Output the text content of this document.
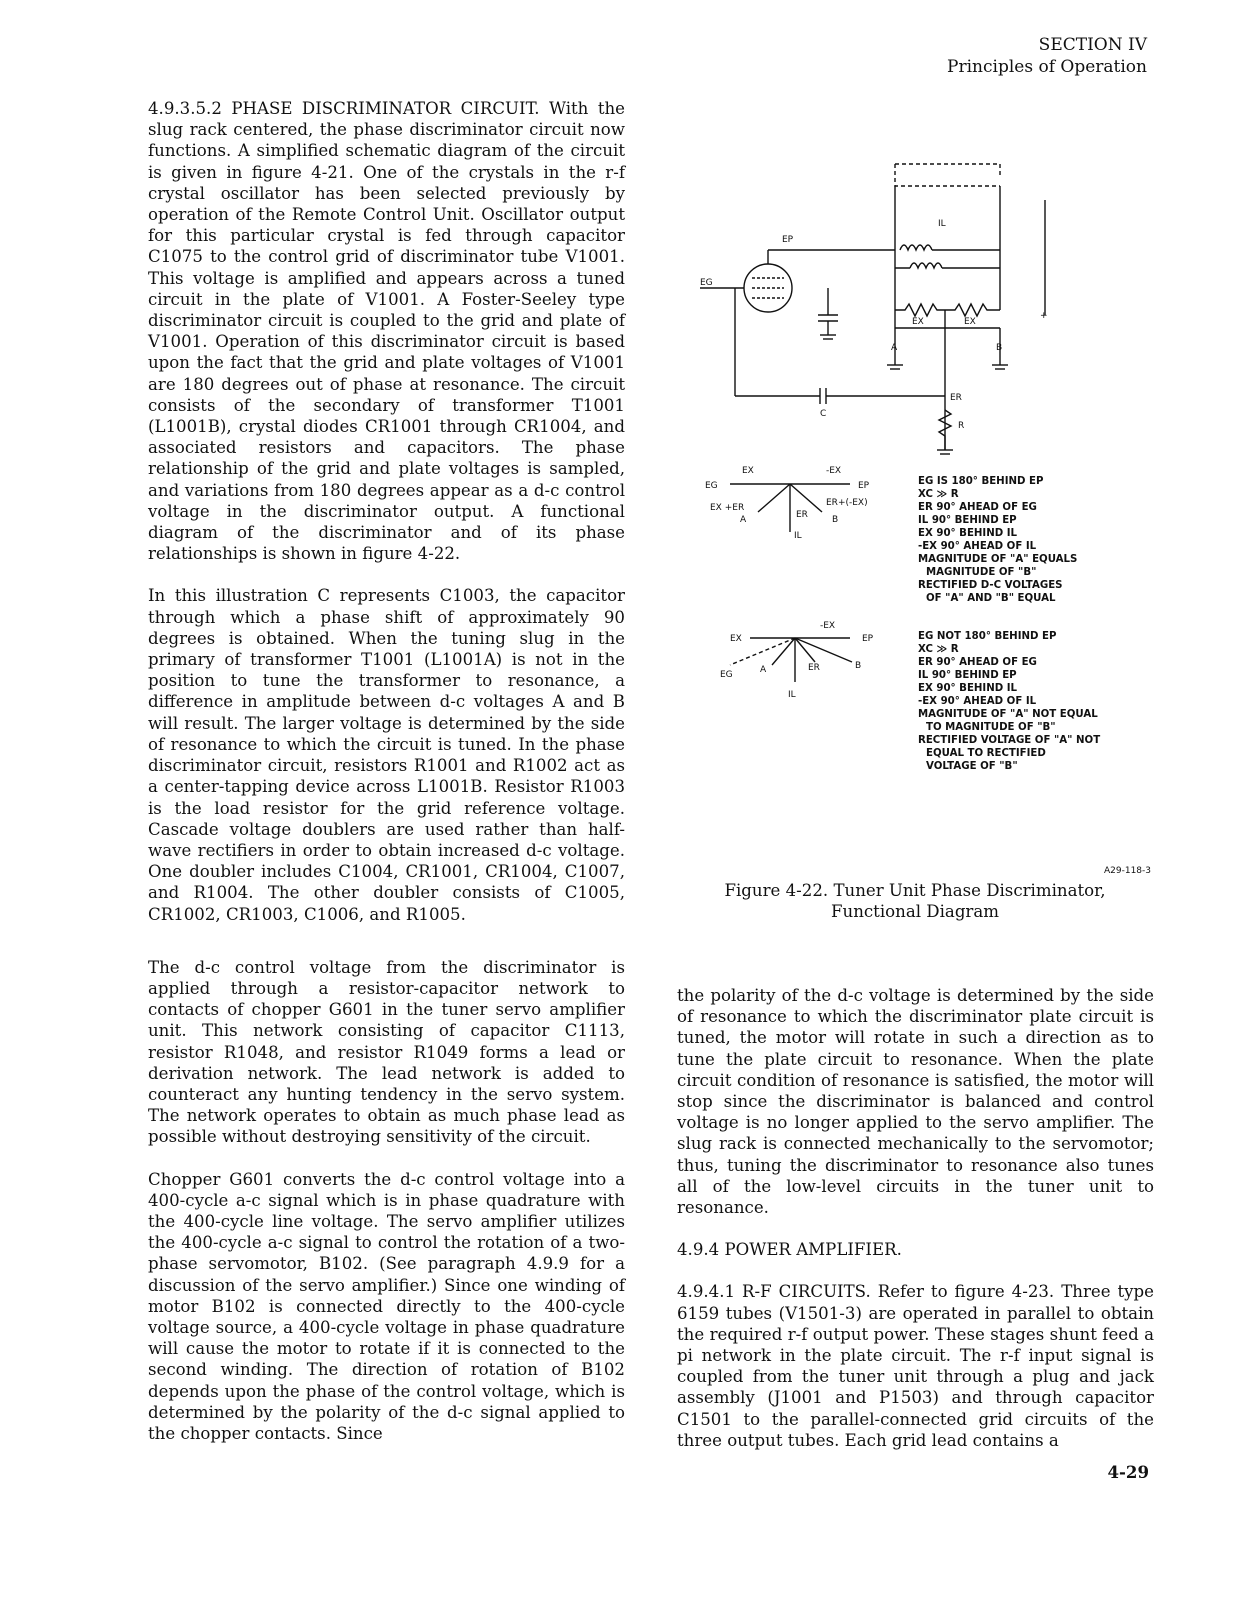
SECTION IV
Principles of Operation

4.9.3.5.2 PHASE DISCRIMINATOR CIRCUIT. With the slug rack centered, the phase discriminator circuit now functions. A simplified schematic diagram of the circuit is given in figure 4-21. One of the crystals in the r-f crystal oscillator has been selected previously by operation of the Remote Control Unit. Oscillator output for this particular crystal is fed through capacitor C1075 to the control grid of discriminator tube V1001. This voltage is amplified and appears across a tuned circuit in the plate of V1001. A Foster-Seeley type discriminator circuit is coupled to the grid and plate of V1001. Operation of this discriminator circuit is based upon the fact that the grid and plate voltages of V1001 are 180 degrees out of phase at resonance. The circuit consists of the secondary of transformer T1001 (L1001B), crystal diodes CR1001 through CR1004, and associated resistors and capacitors. The phase relationship of the grid and plate voltages is sampled, and variations from 180 degrees appear as a d-c control voltage in the discriminator output. A functional diagram of the discriminator and of its phase relationships is shown in figure 4-22.

In this illustration C represents C1003, the capacitor through which a phase shift of approximately 90 degrees is obtained. When the tuning slug in the primary of transformer T1001 (L1001A) is not in the position to tune the transformer to resonance, a difference in amplitude between d-c voltages A and B will result. The larger voltage is determined by the side of resonance to which the circuit is tuned. In the phase discriminator circuit, resistors R1001 and R1002 act as a center-tapping device across L1001B. Resistor R1003 is the load resistor for the grid reference voltage. Cascade voltage doublers are used rather than half-wave rectifiers in order to obtain increased d-c voltage. One doubler includes C1004, CR1001, CR1004, C1007, and R1004. The other doubler consists of C1005, CR1002, CR1003, C1006, and R1005.

The d-c control voltage from the discriminator is applied through a resistor-capacitor network to contacts of chopper G601 in the tuner servo amplifier unit. This network consisting of capacitor C1113, resistor R1048, and resistor R1049 forms a lead or derivation network. The lead network is added to counteract any hunting tendency in the servo system. The network operates to obtain as much phase lead as possible without destroying sensitivity of the circuit.

Chopper G601 converts the d-c control voltage into a 400-cycle a-c signal which is in phase quadrature with the 400-cycle line voltage. The servo amplifier utilizes the 400-cycle a-c signal to control the rotation of a two-phase servomotor, B102. (See paragraph 4.9.9 for a discussion of the servo amplifier.) Since one winding of motor B102 is connected directly to the 400-cycle voltage source, a 400-cycle voltage in phase quadrature will cause the motor to rotate if it is connected to the second winding. The direction of rotation of B102 depends upon the phase of the control voltage, which is determined by the polarity of the d-c signal applied to the chopper contacts. Since

the polarity of the d-c voltage is determined by the side of resonance to which the discriminator plate circuit is tuned, the motor will rotate in such a direction as to tune the plate circuit to resonance. When the plate circuit condition of resonance is satisfied, the motor will stop since the discriminator is balanced and control voltage is no longer applied to the servo amplifier. The slug rack is connected mechanically to the servomotor; thus, tuning the discriminator to resonance also tunes all of the low-level circuits in the tuner unit to resonance.

4.9.4 POWER AMPLIFIER.

4.9.4.1 R-F CIRCUITS. Refer to figure 4-23. Three type 6159 tubes (V1501-3) are operated in parallel to obtain the required r-f output power. These stages shunt feed a pi network in the plate circuit. The r-f input signal is coupled from the tuner unit through a plug and jack assembly (J1001 and P1503) and through capacitor C1501 to the parallel-connected grid circuits of the three output tubes. Each grid lead contains a

EG
EP
IL
EX	EX
A	B
ER
R
C
+
EX	-EX
EG	EP
EX +ER
A	ER
ER+(-EX)
B
IL
-EX
EX	EP
EG	A	ER	B
IL
EG IS 180° BEHIND EP
XC ≫ R
ER 90° AHEAD OF EG
IL 90° BEHIND EP
EX 90° BEHIND IL
-EX 90° AHEAD OF IL
MAGNITUDE OF "A" EQUALS
MAGNITUDE OF "B"
RECTIFIED D-C VOLTAGES
OF "A" AND "B" EQUAL
EG NOT 180° BEHIND EP
XC ≫ R
ER 90° AHEAD OF EG
IL 90° BEHIND EP
EX 90° BEHIND IL
-EX 90° AHEAD OF IL
MAGNITUDE OF "A" NOT EQUAL
TO MAGNITUDE OF "B"
RECTIFIED VOLTAGE OF "A" NOT
EQUAL TO RECTIFIED
VOLTAGE OF "B"
A29-118-3
Figure 4-22. Tuner Unit Phase Discriminator,
Functional Diagram
4-29
